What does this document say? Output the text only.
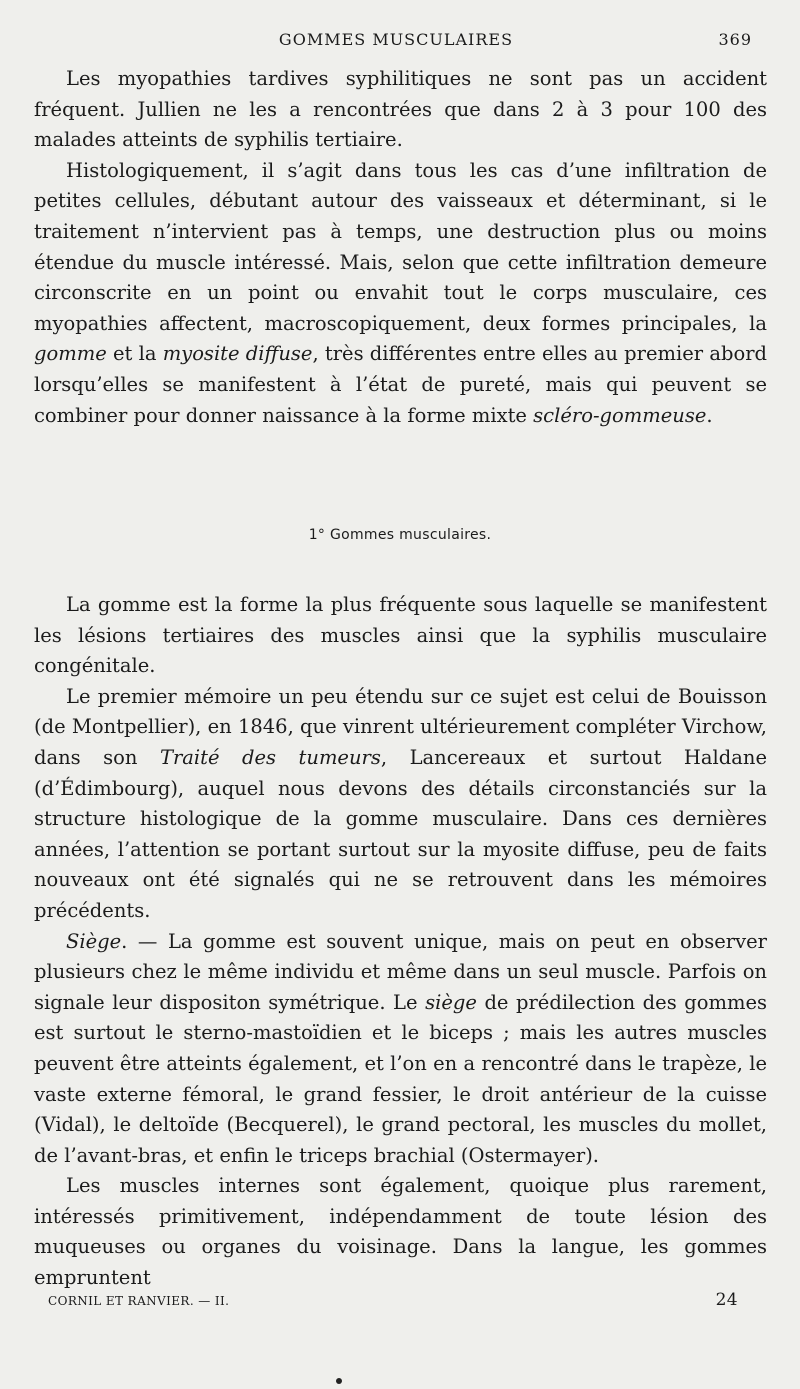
GOMMES MUSCULAIRES	369

Les myopathies tardives syphilitiques ne sont pas un accident fréquent. Jullien ne les a rencontrées que dans 2 à 3 pour 100 des malades atteints de syphilis tertiaire.

Histologiquement, il s’agit dans tous les cas d’une infiltration de petites cellules, débutant autour des vaisseaux et déterminant, si le traitement n’intervient pas à temps, une destruction plus ou moins étendue du muscle intéressé. Mais, selon que cette infiltration demeure circonscrite en un point ou envahit tout le corps musculaire, ces myopathies affectent, macroscopiquement, deux formes principales, la gomme et la myosite diffuse, très différentes entre elles au premier abord lorsqu’elles se manifestent à l’état de pureté, mais qui peuvent se combiner pour donner naissance à la forme mixte scléro-gommeuse.

1° Gommes musculaires.

La gomme est la forme la plus fréquente sous laquelle se manifestent les lésions tertiaires des muscles ainsi que la syphilis musculaire congénitale.

Le premier mémoire un peu étendu sur ce sujet est celui de Bouisson (de Montpellier), en 1846, que vinrent ultérieurement compléter Virchow, dans son Traité des tumeurs, Lancereaux et surtout Haldane (d’Édimbourg), auquel nous devons des détails circonstanciés sur la structure histologique de la gomme musculaire. Dans ces dernières années, l’attention se portant surtout sur la myosite diffuse, peu de faits nouveaux ont été signalés qui ne se retrouvent dans les mémoires précédents.

Siège. — La gomme est souvent unique, mais on peut en observer plusieurs chez le même individu et même dans un seul muscle. Parfois on signale leur dispositon symétrique. Le siège de prédilection des gommes est surtout le sterno-mastoïdien et le biceps ; mais les autres muscles peuvent être atteints également, et l’on en a rencontré dans le trapèze, le vaste externe fémoral, le grand fessier, le droit antérieur de la cuisse (Vidal), le deltoïde (Becquerel), le grand pectoral, les muscles du mollet, de l’avant-bras, et enfin le triceps brachial (Ostermayer).

Les muscles internes sont également, quoique plus rarement, intéressés primitivement, indépendamment de toute lésion des muqueuses ou organes du voisinage. Dans la langue, les gommes empruntent

CORNIL ET RANVIER. — II.	24
